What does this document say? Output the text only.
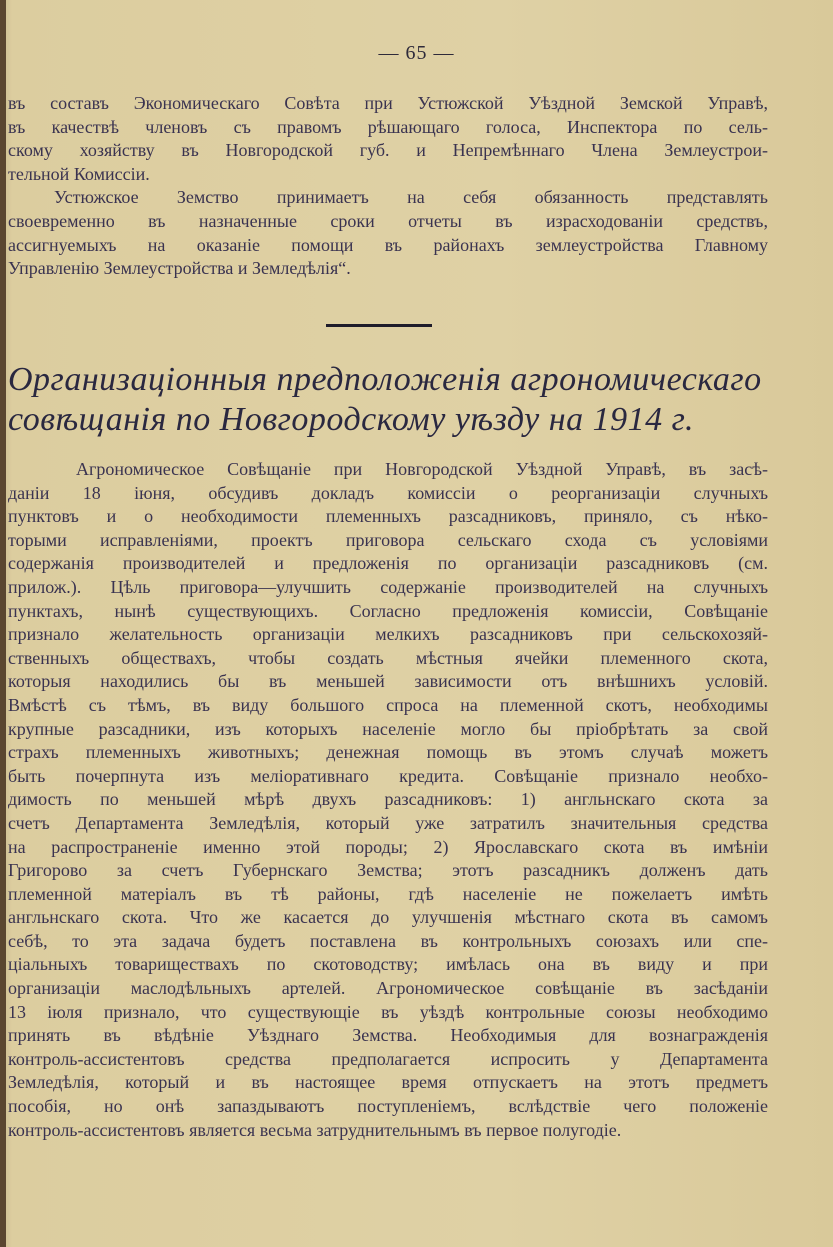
— 65 —
въ составъ Экономическаго Совѣта при Устюжской Уѣздной Земской Управѣ,
въ качествѣ членовъ съ правомъ рѣшающаго голоса, Инспектора по сель-
скому хозяйству въ Новгородской губ. и Непремѣннаго Члена Землеустрои-
тельной Комиссіи.
Устюжское Земство принимаетъ на себя обязанность представлять
своевременно въ назначенные сроки отчеты въ израсходованіи средствъ,
ассигнуемыхъ на оказаніе помощи въ районахъ землеустройства Главному
Управленію Землеустройства и Земледѣлія“.
Организаціонныя предположенія агрономическаго
совѣщанія по Новгородскому уѣзду на 1914 г.
Агрономическое Совѣщаніе при Новгородской Уѣздной Управѣ, въ засѣ-
даніи 18 іюня, обсудивъ докладъ комиссіи о реорганизаціи случныхъ
пунктовъ и о необходимости племенныхъ разсадниковъ, приняло, съ нѣко-
торыми исправленіями, проектъ приговора сельскаго схода съ условіями
содержанія производителей и предложенія по организаціи разсадниковъ (см.
прилож.). Цѣль приговора—улучшить содержаніе производителей на случныхъ
пунктахъ, нынѣ существующихъ. Согласно предложенія комиссіи, Совѣщаніе
признало желательность организаціи мелкихъ разсадниковъ при сельскохозяй-
ственныхъ обществахъ, чтобы создать мѣстныя ячейки племенного скота,
которыя находились бы въ меньшей зависимости отъ внѣшнихъ условій.
Вмѣстѣ съ тѣмъ, въ виду большого спроса на племенной скотъ, необходимы
крупные разсадники, изъ которыхъ населеніе могло бы пріобрѣтать за свой
страхъ племенныхъ животныхъ; денежная помощь въ этомъ случаѣ можетъ
быть почерпнута изъ меліоративнаго кредита. Совѣщаніе признало необхо-
димость по меньшей мѣрѣ двухъ разсадниковъ: 1) англьнскаго скота за
счетъ Департамента Земледѣлія, который уже затратилъ значительныя средства
на распространеніе именно этой породы; 2) Ярославскаго скота въ имѣніи
Григорово за счетъ Губернскаго Земства; этотъ разсадникъ долженъ дать
племенной матеріалъ въ тѣ районы, гдѣ населеніе не пожелаетъ имѣть
англьнскаго скота. Что же касается до улучшенія мѣстнаго скота въ самомъ
себѣ, то эта задача будетъ поставлена въ контрольныхъ союзахъ или спе-
ціальныхъ товариществахъ по скотоводству; имѣлась она въ виду и при
организаціи маслодѣльныхъ артелей. Агрономическое совѣщаніе въ засѣданіи
13 іюля признало, что существующіе въ уѣздѣ контрольные союзы необходимо
принять въ вѣдѣніе Уѣзднаго Земства. Необходимыя для вознагражденія
контроль-ассистентовъ средства предполагается испросить у Департамента
Земледѣлія, который и въ настоящее время отпускаетъ на этотъ предметъ
пособія, но онѣ запаздываютъ поступленіемъ, вслѣдствіе чего положеніе
контроль-ассистентовъ является весьма затруднительнымъ въ первое полугодіе.
